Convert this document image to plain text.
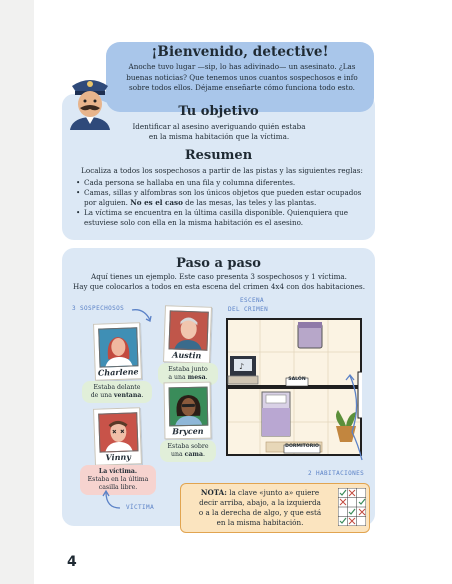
¡Bienvenido, detective!
Anoche tuvo lugar —sip, lo has adivinado— un asesinato. ¿Las
buenas noticias? Que tenemos unos cuantos sospechosos e info
sobre todos ellos. Déjame enseñarte cómo funciona todo esto.
Tu objetivo
Identificar al asesino averiguando quién estaba
en la misma habitación que la víctima.
Resumen
Localiza a todos los sospechosos a partir de las pistas y las siguientes reglas:
• Cada persona se hallaba en una fila y columna diferentes.
• Camas, sillas y alfombras son los únicos objetos que pueden estar ocupados por alguien. No es el caso de las mesas, las teles y las plantas.
• La víctima se encuentra en la última casilla disponible. Quienquiera que estuviese solo con ella en la misma habitación es el asesino.
Paso a paso
Aquí tienes un ejemplo. Este caso presenta 3 sospechosos y 1 víctima.
Hay que colocarlos a todos en esta escena del crimen 4x4 con dos habitaciones.
3 SOSPECHOSOS
ESCENA
DEL CRIMEN
Charlene
Estaba delante
de una ventana.
Austin
Estaba junto
a una mesa.
Brycen
Estaba sobre
una cama.
Vinny
La víctima.
Estaba en la última
casilla libre.
VÍCTIMA
♪
SALÓN
DORMITORIO
2 HABITACIONES
NOTA: la clave «junto a» quiere
decir arriba, abajo, a la izquierda
o a la derecha de algo, y que está
en la misma habitación.
4
